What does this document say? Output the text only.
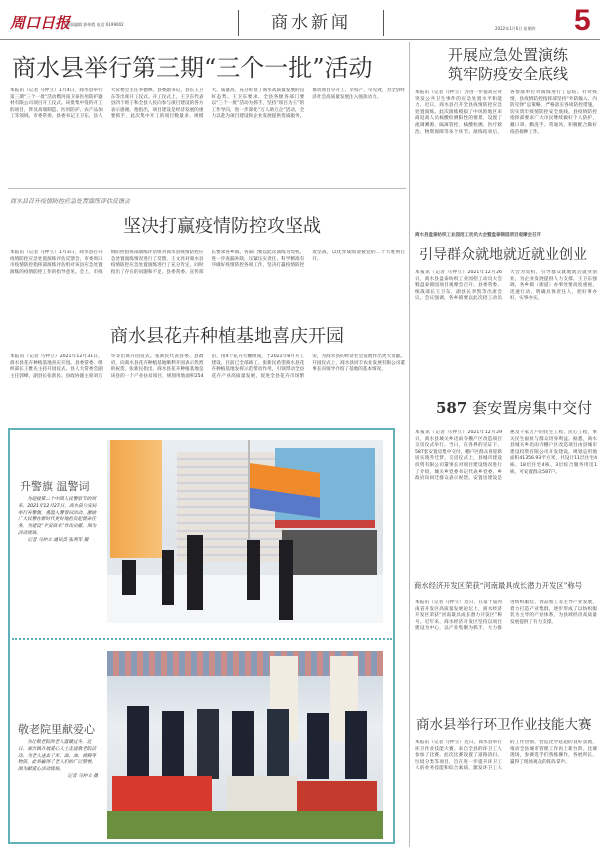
周口日报
版面编辑 郭伟霞 电话 6199002	商水新闻	2022年1月6日 星期四 5
商水县举行第三期“三个一批”活动
本报讯（记者 马仲立）1月4日，商水县举行第三期“三个一批”活动暨河南卫泰医用防护器材有限公司项目开工仪式。该批集中签约开工的项目，涉及高端制造、医用防护、农产品加工等领域。市委常委、县委书记王卫东，县人大常委会主任李德林，县委副书记、县长王卫东等出席开工仪式。开工仪式上，王卫东代表县四个班子和全县人民向参与项目建设的各方表示感谢。他指出，项目建设是经济发展的重要抓手，此次集中开工的项目数量多、规模大、质量高，充分彰显了商水高质量发展的良好态势。王卫东要求，全县各级各部门要以“三个一批”活动为抓手，坚持“项目为王”的工作导向，进一步深化“万人助万企”活动，全力以赴为项目建设和企业发展提供优质服务，推动项目早开工、早投产、早见效，为全县经济社会高质量发展注入强劲动力。
商水县召开疫情防控应急处置演练评估反馈会
坚决打赢疫情防控攻坚战
本报讯（记者 马仲立）1月3日，商水县召开疫情防控应急处置演练评估反馈会，市委周口市疫情防控指挥部演练评估组对该县应急处置演练的疫情防控工作的指导意见。会上，市疫情防控指挥部演练评估组对商水县疫情防控应急处置演练情况进行了反馈，王文亮对商水县疫情防控应急处置演练进行了充分肯定，同时指出了存在的问题和不足。县委常委、宣传部长要求各乡镇、各部门要以此次演练为契机，进一步查漏补缺，压紧压实责任，科学精准有序做好疫情防控各项工作，坚决打赢疫情防控攻坚战，以优异成绩迎接党的二十大胜利召开。
商水县花卉种植基地喜庆开园
本报讯（记者 马仲立）2021年12月31日，商水县花卉种植基地喜庆开园。县委常委、组织部长王雅先主持开园仪式，县人大常委会副主任郭峰，副县长张新民、县政协副主席刘万华等出席开园仪式。张新民代表县委、县政府，向商水县花卉种植基地顺利开园表示热烈的祝贺。张新民指出，商水县花卉种植基地是该县的一个产业扶贫项目，规划用地面积254亩，由4个花卉大棚组成，于2021年8月开工建设，目前已全部竣工。张新民希望商水县花卉种植基地发挥示范带动作用，引领带动全县花卉产业高质量发展，促进全县花卉市场繁荣，为商水县的经济社会发展作出更大贡献。开园仪式上，商水县同丰农业发展有限公司董事长向领导介绍了基地的基本情况。
开展应急处置演练
筑牢防疫安全底线
本报讯（记者 马仲立）为进一步提高应对突发公共卫生事件的应急处置水平和能力，近日，商水县召开全县疫情防控应急处置演练。此次演练模拟了中风险地区来商返商人员核酸检测阳性的情景，设置了流调溯源、隔离管控、核酸检测、医疗救治、物资保障等多个环节。演练结束后，各参演单位对演练进行了总结。针对疫情，县疫情防控指挥部坚持“外防输入、内防反弹”总策略，严格落实各项防控措施，切实筑牢疫情防控安全底线。县疫情防控指挥部要求广大市民继续做好个人防护，戴口罩、勤洗手、常通风，积极配合做好疫苗接种工作。
商水县盘泰纺织工业园招工动员大会暨盘泰锦园项目观摩会召开
引导群众就地就近就业创业
本报讯（记者 马仲立）2021年12月26日，商水县盘泰纺织工业园招工动员大会暨盘泰锦园项目观摩会召开。县委常委、统战部长王卫东，副县长李凯等出席会议。会议强调，各乡镇要以此次招工动员大会为契机，引导群众就地就近就业创业，为企业发展提供人力支撑。王卫东强调，各乡镇（街道）办事处要高度重视，迅速行动，明确具体责任人，把好事办好、实事办实。
587 套安置房集中交付
本报讯（记者 马仲立）2021年12月29日，商水县城关乡迅雨寺棚户区改造项目交房仪式举行。当日，在各界的见证下，587套安置房集中交付，棚户区群众喜迎新居实现乔迁梦。交房仪式上，县城市建设投资有限公司董事长对项目建设情况进行了介绍，城关乡党委书记代表乡党委、乡政府向回迁群众表示祝贺。安置房建设是惠及千家万户的民生工程、民心工程，事关民生福祉与群众切身利益。据悉，商水县城关乡迅雨寺棚户区改造项目由县城市建设投资有限公司开发建设，规划总用地面积41356.93平方米，共设计11层住宅4栋、18层住宅4栋、3层综合服务用房1栋，可安置群众587户。
商水经济开发区荣获“河南最具成长潜力开发区”称号
本报讯（记者 马仲立）近日，在第十届河南省开发区高质量发展论坛上，商水经济开发区荣获“河南最具成长潜力开发区”称号。近年来，商水经济开发区坚持以项目建设为中心，以产业集聚为抓手，大力推进纺织服装、食品加工等主导产业发展，着力打造产业集群，逐步形成了以纺织服装为主导的产业体系，为县域经济高质量发展提供了有力支撑。
商水县举行环卫作业技能大赛
本报讯（记者 马仲立）近日，商水县举行环卫作业技能大赛。来自全县的环卫工人参加了比赛。此次比赛设置了道路清扫、垃圾分类等项目，旨在进一步提升环卫工人的业务技能和综合素质，激发环卫工人的工作热情，营造比学赶超的良好氛围，推动全县城市管理工作再上新台阶。比赛现场，参赛选手们熟练操作，各展所长，赢得了现场观众的阵阵掌声。
升警旗 温警词
为迎接第二个中国人民警察节的到来，2021年12月27日，商水县公安局举行升警旗、重温入警誓词活动，激励广大民警在新时代更好地担负起使命任务，为建设“平安商水”作出贡献。图为活动现场。
记者 马仲立 通讯员 张利军 摄
敬老院里献爱心
为让敬老院的老人温暖过冬，近日，胡吉镇开展爱心人士走进敬老院活动，为老人送去了米、面、油、被褥等物资，此举赢得了老人们的广泛赞誉。图为献爱心活动现场。
记者 马仲立 摄
